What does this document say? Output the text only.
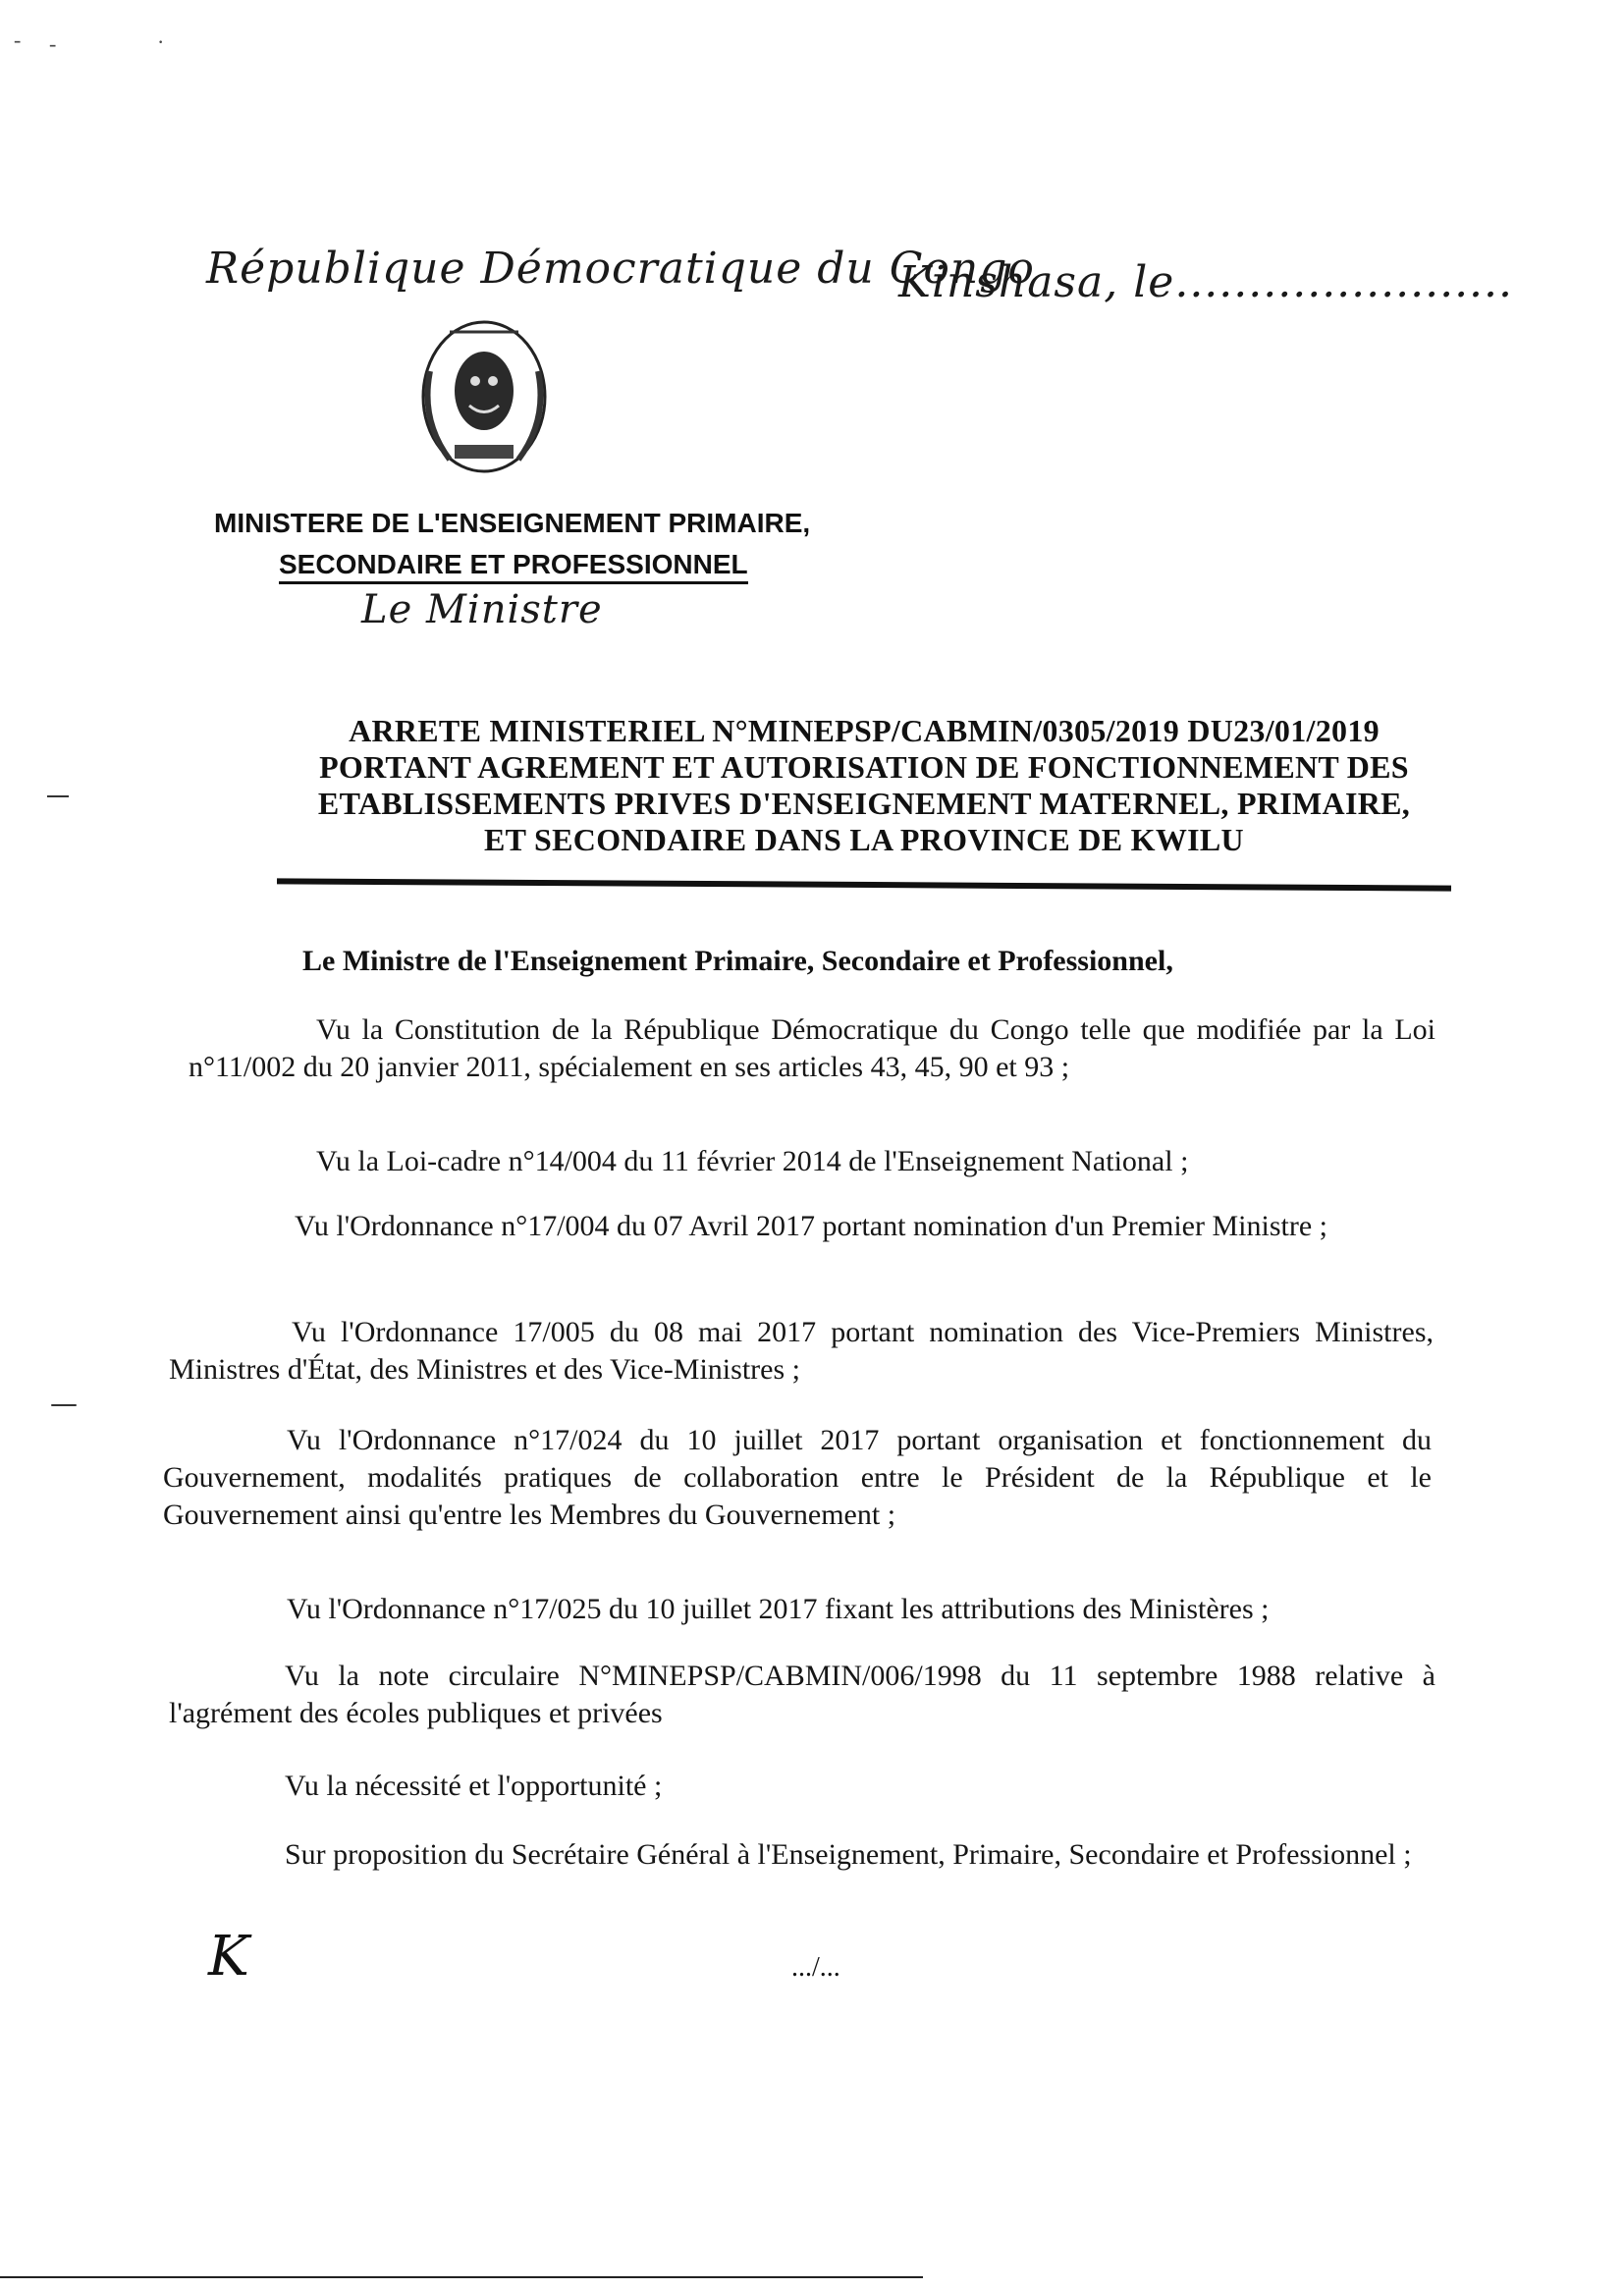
- -	·
République Démocratique du Congo
Kinshasa, le.......................
MINISTERE DE L'ENSEIGNEMENT PRIMAIRE,
SECONDAIRE ET PROFESSIONNEL
Le Ministre
ARRETE MINISTERIEL N°MINEPSP/CABMIN/0305/2019 DU23/01/2019
PORTANT AGREMENT ET AUTORISATION DE FONCTIONNEMENT DES
ETABLISSEMENTS PRIVES D'ENSEIGNEMENT MATERNEL, PRIMAIRE,
ET SECONDAIRE DANS LA PROVINCE DE KWILU
Le Ministre de l'Enseignement Primaire, Secondaire et Professionnel,
Vu la Constitution de la République Démocratique du Congo telle que modifiée par la Loi n°11/002 du 20 janvier 2011, spécialement en ses articles 43, 45, 90 et 93 ;
Vu la Loi-cadre n°14/004 du 11 février 2014 de l'Enseignement National ;
Vu l'Ordonnance n°17/004 du 07 Avril 2017 portant nomination d'un Premier Ministre ;
Vu l'Ordonnance 17/005 du 08 mai 2017 portant nomination des Vice-Premiers Ministres, Ministres d'État, des Ministres et des Vice-Ministres ;
Vu l'Ordonnance n°17/024 du 10 juillet 2017 portant organisation et fonctionnement du Gouvernement, modalités pratiques de collaboration entre le Président de la République et le Gouvernement ainsi qu'entre les Membres du Gouvernement ;
Vu l'Ordonnance n°17/025 du 10 juillet 2017 fixant les attributions des Ministères ;
Vu la note circulaire N°MINEPSP/CABMIN/006/1998 du 11 septembre 1988 relative à l'agrément des écoles publiques et privées
Vu la nécessité et l'opportunité ;
Sur proposition du Secrétaire Général à l'Enseignement, Primaire, Secondaire et Professionnel ;
K	.../...
